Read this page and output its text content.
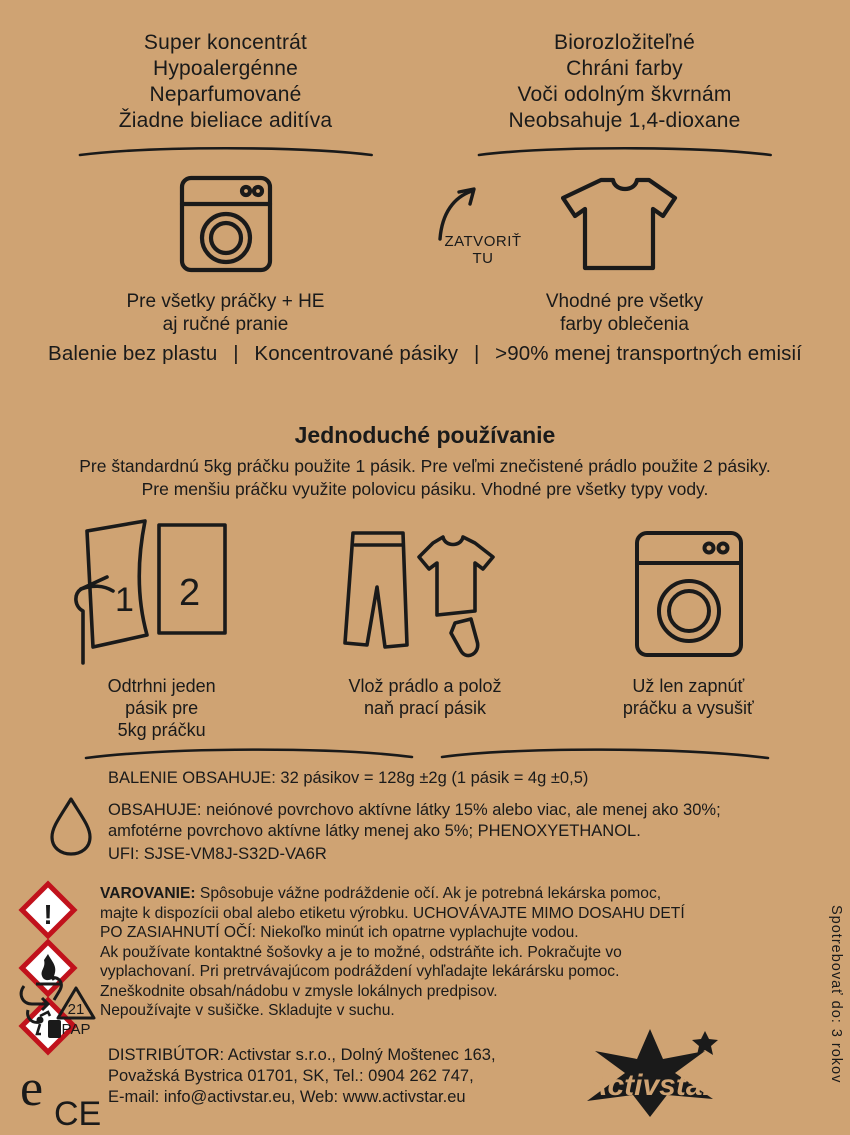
Super koncentrát
Hypoalergénne
Neparfumované
Žiadne bieliace aditíva
Pre všetky práčky + HE
aj ručné pranie
Biorozložiteľné
Chráni farby
Voči odolným škvrnám
Neobsahuje 1,4-dioxane
Vhodné pre všetky
farby oblečenia
ZATVORIŤ
TU
Balenie bez plastu | Koncentrované pásiky | >90% menej transportných emisií
Jednoduché používanie
Pre štandardnú 5kg práčku použite 1 pásik. Pre veľmi znečistené prádlo použite 2 pásiky.
Pre menšiu práčku využite polovicu pásiku. Vhodné pre všetky typy vody.
1 2
Odtrhni jeden
pásik pre
5kg práčku
Vlož prádlo a polož
naň prací pásik
Už len zapnúť
práčku a vysušiť
BALENIE OBSAHUJE: 32 pásikov = 128g ±2g (1 pásik = 4g ±0,5)
OBSAHUJE: neiónové povrchovo aktívne látky 15% alebo viac, ale menej ako 30%;
amfotérne povrchovo aktívne látky menej ako 5%; PHENOXYETHANOL.
UFI: SJSE-VM8J-S32D-VA6R
!
VAROVANIE: Spôsobuje vážne podráždenie očí. Ak je potrebná lekárska pomoc,
majte k dispozícii obal alebo etiketu výrobku. UCHOVÁVAJTE MIMO DOSAHU DETÍ
PO ZASIAHNUTÍ OČÍ: Niekoľko minút ich opatrne vyplachujte vodou.
Ak používate kontaktné šošovky a je to možné, odstráňte ich. Pokračujte vo
vyplachovaní. Pri pretrvávajúcom podráždení vyhľadajte lekárársku pomoc.
Zneškodnite obsah/nádobu v zmysle lokálnych predpisov.
Nepoužívajte v sušičke. Skladujte v suchu.
21
PAP
e CE
DISTRIBÚTOR: Activstar s.r.o., Dolný Moštenec 163,
Považská Bystrica 01701, SK, Tel.: 0904 262 747,
E-mail: info@activstar.eu, Web: www.activstar.eu	Activstar
Spotrebovať do: 3 rokov
